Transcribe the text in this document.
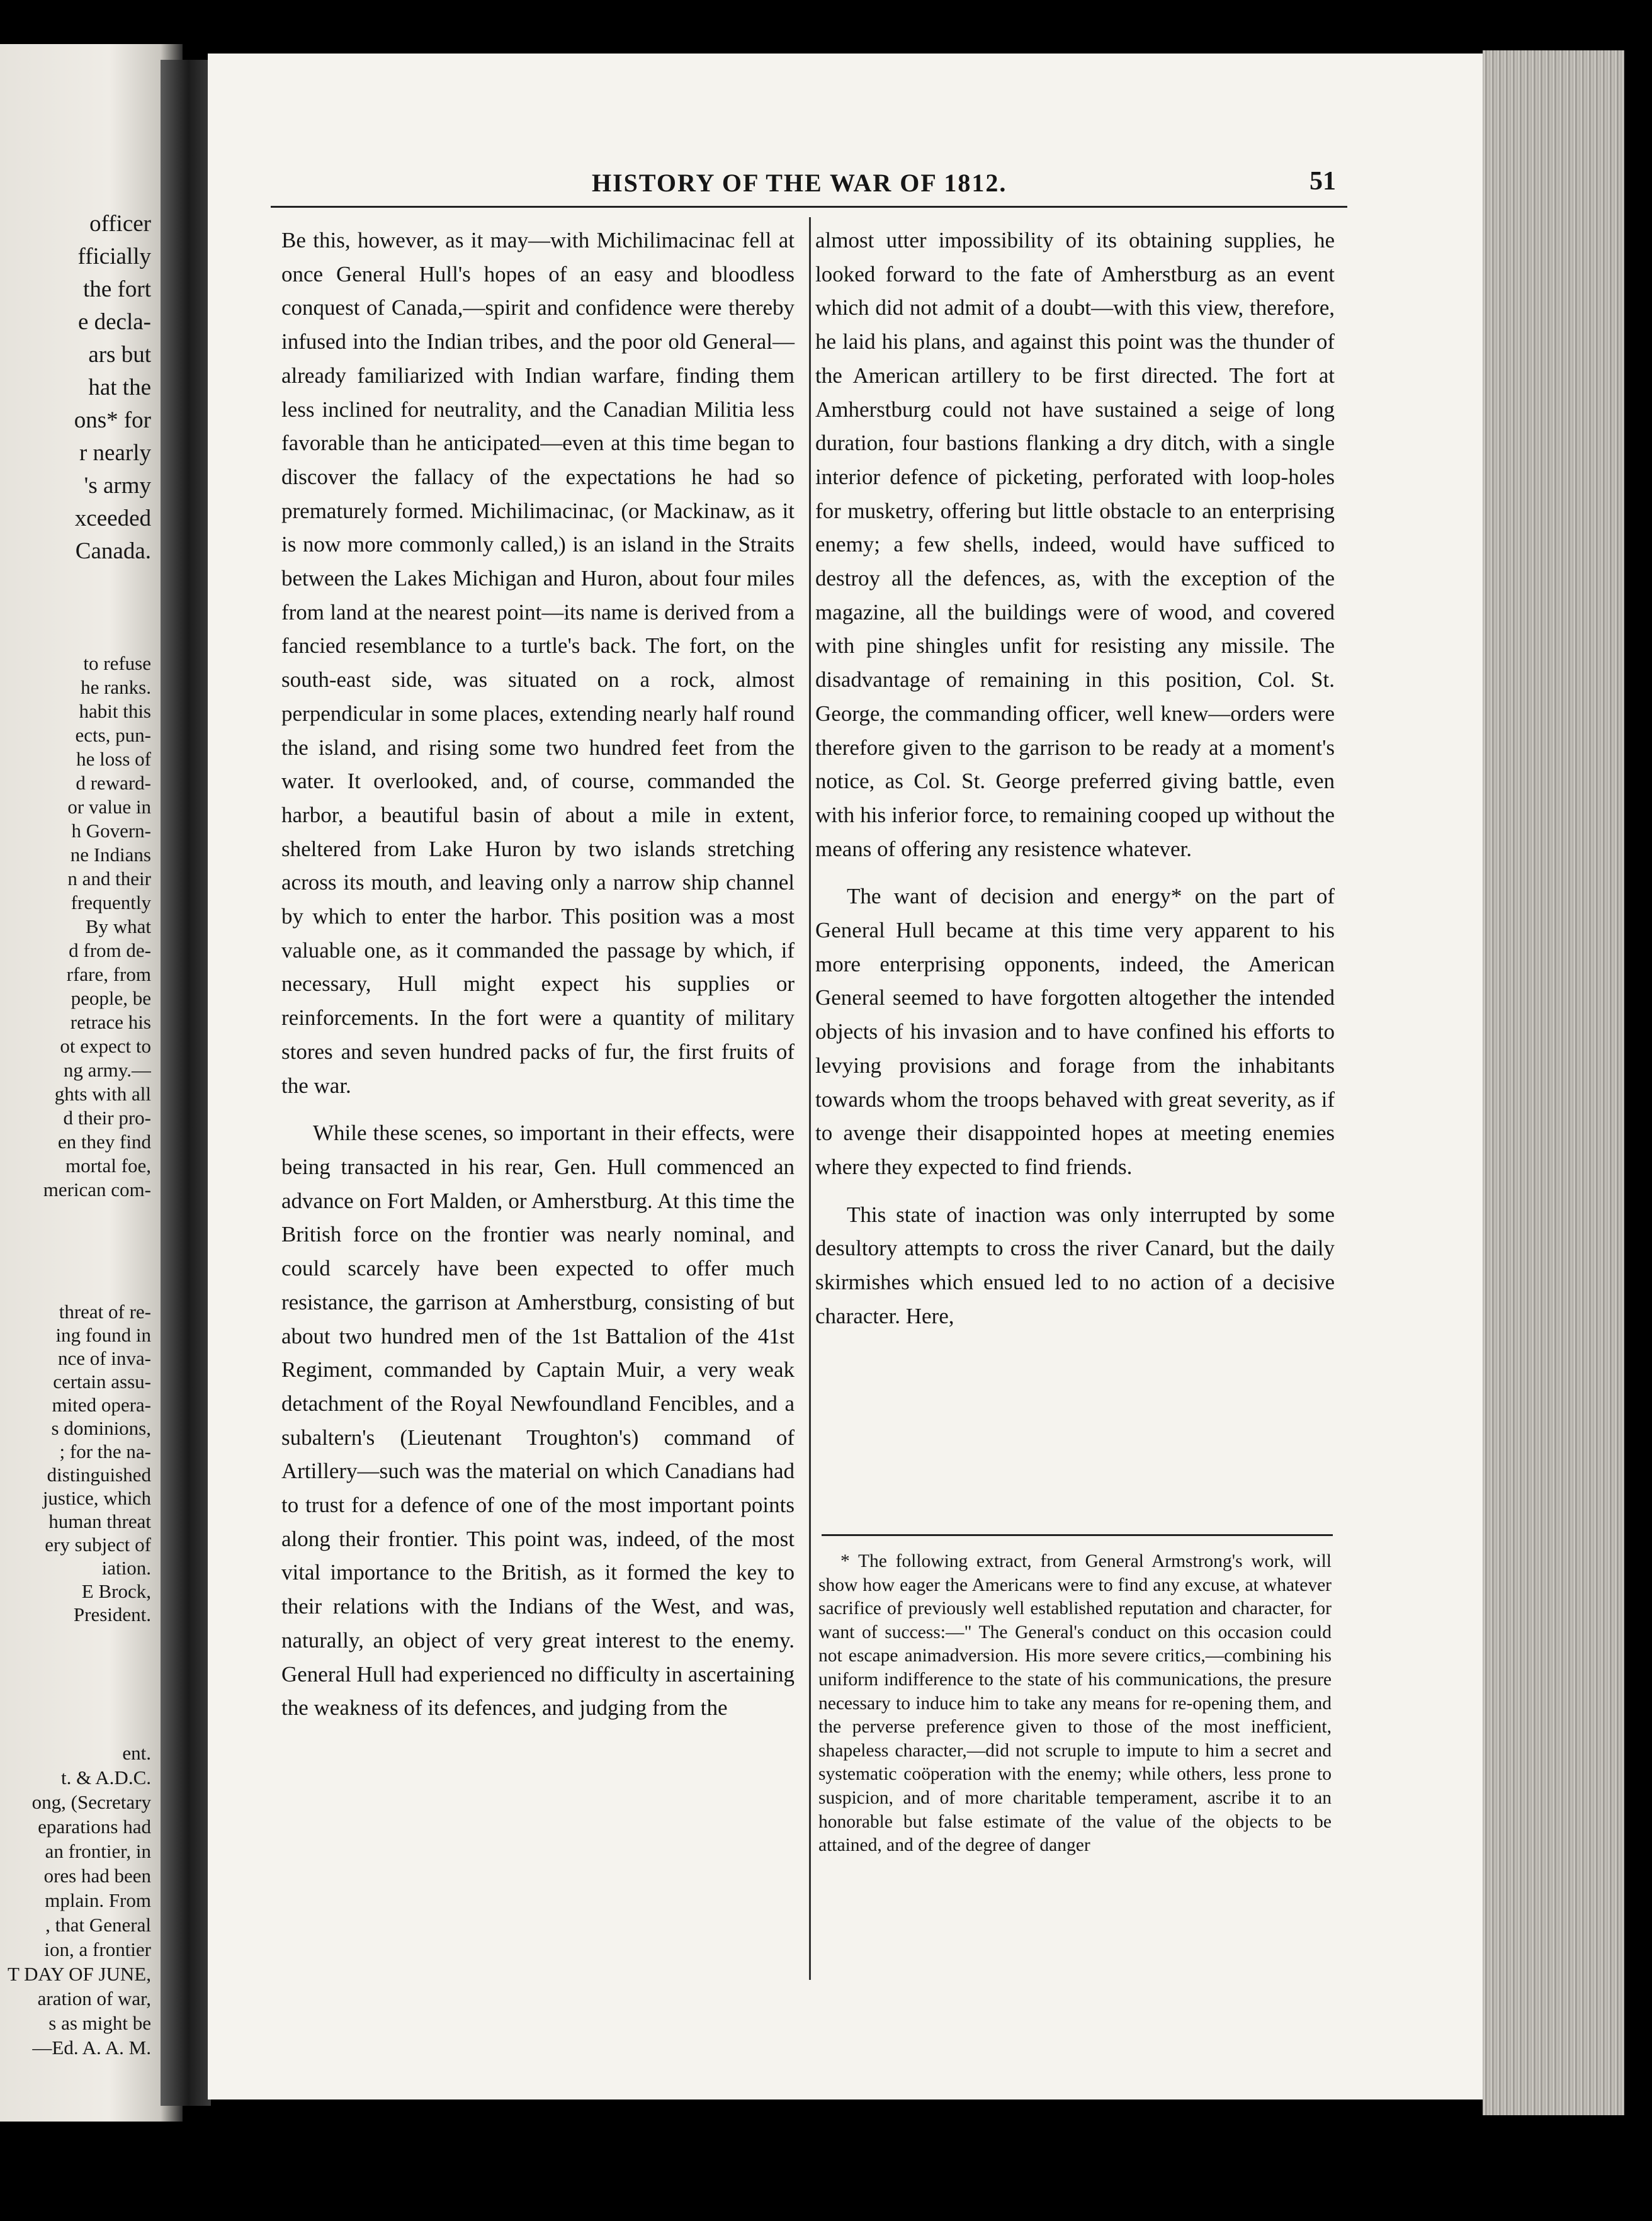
officer
fficially
the fort
e decla-
ars but
hat the
ons* for
r nearly
's army
xceeded
Canada.
to refuse
he ranks.
habit this
ects, pun-
he loss of
d reward-
or value in
h Govern-
ne Indians
n and their
frequently
By what
d from de-
rfare, from
people, be
retrace his
ot expect to
ng army.—
ghts with all
d their pro-
en they find
mortal foe,
merican com-
threat of re-
ing found in
nce of inva-
certain assu-
mited opera-
s dominions,
; for the na-
distinguished
justice, which
human threat
ery subject of
iation.
E Brock,
President.
ent.
t. & A.D.C.
ong, (Secretary
eparations had
an frontier, in
ores had been
mplain. From
, that General
ion, a frontier
T DAY OF JUNE,
aration of war,
s as might be
—Ed. A. A. M.
HISTORY OF THE WAR OF 1812.	51

Be this, however, as it may—with Michilimacinac fell at once General Hull's hopes of an easy and bloodless conquest of Canada,—spirit and confidence were thereby infused into the Indian tribes, and the poor old General—already familiarized with Indian warfare, finding them less inclined for neutrality, and the Canadian Militia less favorable than he anticipated—even at this time began to discover the fallacy of the expectations he had so prematurely formed. Michilimacinac, (or Mackinaw, as it is now more commonly called,) is an island in the Straits between the Lakes Michigan and Huron, about four miles from land at the nearest point—its name is derived from a fancied resemblance to a turtle's back. The fort, on the south-east side, was situated on a rock, almost perpendicular in some places, extending nearly half round the island, and rising some two hundred feet from the water. It overlooked, and, of course, commanded the harbor, a beautiful basin of about a mile in extent, sheltered from Lake Huron by two islands stretching across its mouth, and leaving only a narrow ship channel by which to enter the harbor. This position was a most valuable one, as it commanded the passage by which, if necessary, Hull might expect his supplies or reinforcements. In the fort were a quantity of military stores and seven hundred packs of fur, the first fruits of the war.

While these scenes, so important in their effects, were being transacted in his rear, Gen. Hull commenced an advance on Fort Malden, or Amherstburg. At this time the British force on the frontier was nearly nominal, and could scarcely have been expected to offer much resistance, the garrison at Amherstburg, consisting of but about two hundred men of the 1st Battalion of the 41st Regiment, commanded by Captain Muir, a very weak detachment of the Royal Newfoundland Fencibles, and a subaltern's (Lieutenant Troughton's) command of Artillery—such was the material on which Canadians had to trust for a defence of one of the most important points along their frontier. This point was, indeed, of the most vital importance to the British, as it formed the key to their relations with the Indians of the West, and was, naturally, an object of very great interest to the enemy. General Hull had experienced no difficulty in ascertaining the weakness of its defences, and judging from the

almost utter impossibility of its obtaining supplies, he looked forward to the fate of Amherstburg as an event which did not admit of a doubt—with this view, therefore, he laid his plans, and against this point was the thunder of the American artillery to be first directed. The fort at Amherstburg could not have sustained a seige of long duration, four bastions flanking a dry ditch, with a single interior defence of picketing, perforated with loop-holes for musketry, offering but little obstacle to an enterprising enemy; a few shells, indeed, would have sufficed to destroy all the defences, as, with the exception of the magazine, all the buildings were of wood, and covered with pine shingles unfit for resisting any missile. The disadvantage of remaining in this position, Col. St. George, the commanding officer, well knew—orders were therefore given to the garrison to be ready at a moment's notice, as Col. St. George preferred giving battle, even with his inferior force, to remaining cooped up without the means of offering any resistence whatever.

The want of decision and energy* on the part of General Hull became at this time very apparent to his more enterprising opponents, indeed, the American General seemed to have forgotten altogether the intended objects of his invasion and to have confined his efforts to levying provisions and forage from the inhabitants towards whom the troops behaved with great severity, as if to avenge their disappointed hopes at meeting enemies where they expected to find friends.

This state of inaction was only interrupted by some desultory attempts to cross the river Canard, but the daily skirmishes which ensued led to no action of a decisive character. Here,

* The following extract, from General Armstrong's work, will show how eager the Americans were to find any excuse, at whatever sacrifice of previously well established reputation and character, for want of success:—" The General's conduct on this occasion could not escape animadversion. His more severe critics,—combining his uniform indifference to the state of his communications, the presure necessary to induce him to take any means for re-opening them, and the perverse preference given to those of the most inefficient, shapeless character,—did not scruple to impute to him a secret and systematic coöperation with the enemy; while others, less prone to suspicion, and of more charitable temperament, ascribe it to an honorable but false estimate of the value of the objects to be attained, and of the degree of danger
